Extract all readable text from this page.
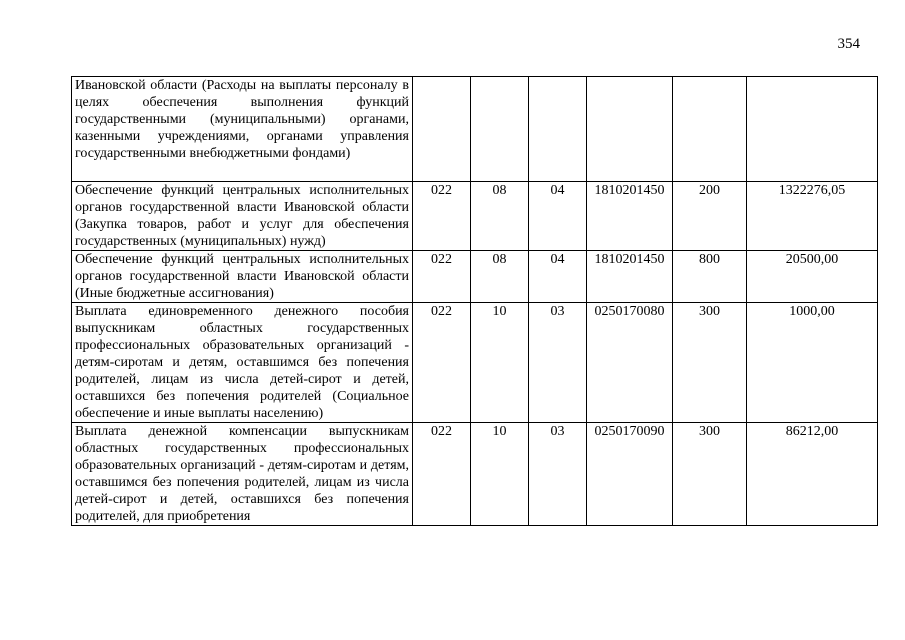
354
Ивановской области (Расходы на выплаты персоналу в целях обеспечения выполнения функций государственными (муниципальными) органами, казенными учреждениями, органами управления государственными внебюджетными фондами)						
Обеспечение функций центральных исполнительных органов государственной власти Ивановской области (Закупка товаров, работ и услуг для обеспечения государственных (муниципальных) нужд)	022	08	04	1810201450	200	1322276,05
Обеспечение функций центральных исполнительных органов государственной власти Ивановской области (Иные бюджетные ассигнования)	022	08	04	1810201450	800	20500,00
Выплата единовременного денежного пособия выпускникам областных государственных профессиональных образовательных организаций - детям-сиротам и детям, оставшимся без попечения родителей, лицам из числа детей-сирот и детей, оставшихся без попечения родителей (Социальное обеспечение и иные выплаты населению)	022	10	03	0250170080	300	1000,00
Выплата денежной компенсации выпускникам областных государственных профессиональных образовательных организаций - детям-сиротам и детям, оставшимся без попечения родителей, лицам из числа детей-сирот и детей, оставшихся без попечения родителей, для приобретения	022	10	03	0250170090	300	86212,00
